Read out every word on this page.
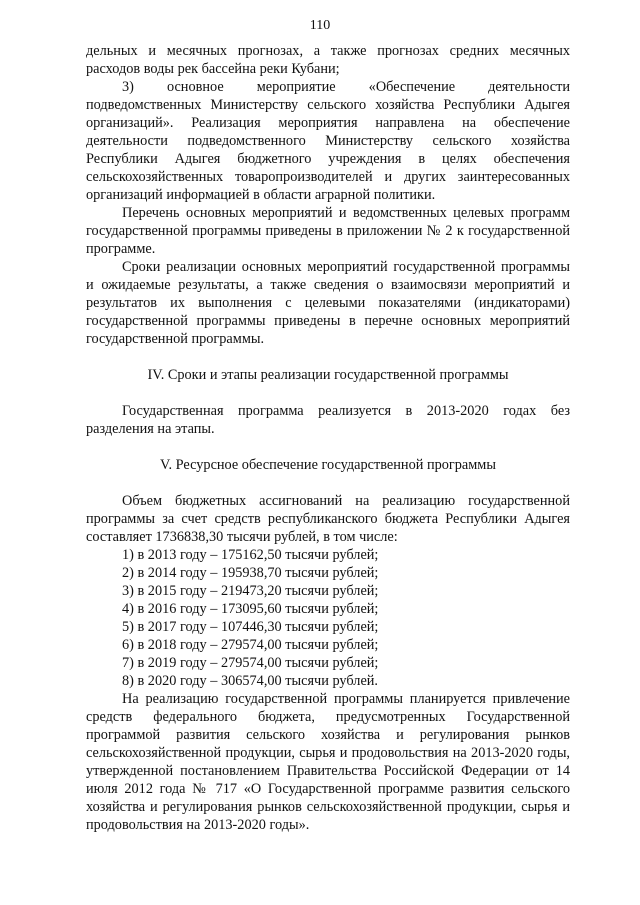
110

дельных и месячных прогнозах, а также прогнозах средних месячных расходов воды рек бассейна реки Кубани;

3) основное мероприятие «Обеспечение деятельности подведомственных Министерству сельского хозяйства Республики Адыгея организаций». Реализация мероприятия направлена на обеспечение деятельности подведомственного Министерству сельского хозяйства Республики Адыгея бюджетного учреждения в целях обеспечения сельскохозяйственных товаропроизводителей и других заинтересованных организаций информацией в области аграрной политики.

Перечень основных мероприятий и ведомственных целевых программ государственной программы приведены в приложении № 2 к государственной программе.

Сроки реализации основных мероприятий государственной программы и ожидаемые результаты, а также сведения о взаимосвязи мероприятий и результатов их выполнения с целевыми показателями (индикаторами) государственной программы приведены в перечне основных мероприятий государственной программы.

IV. Сроки и этапы реализации государственной программы

Государственная программа реализуется в 2013-2020 годах без разделения на этапы.

V. Ресурсное обеспечение государственной программы

Объем бюджетных ассигнований на реализацию государственной программы за счет средств республиканского бюджета Республики Адыгея составляет 1736838,30 тысячи рублей, в том числе:

1) в 2013 году – 175162,50 тысячи рублей;

2) в 2014 году – 195938,70 тысячи рублей;

3) в 2015 году – 219473,20 тысячи рублей;

4) в 2016 году – 173095,60 тысячи рублей;

5) в 2017 году – 107446,30 тысячи рублей;

6) в 2018 году – 279574,00 тысячи рублей;

7) в 2019 году – 279574,00 тысячи рублей;

8) в 2020 году – 306574,00 тысячи рублей.

На реализацию государственной программы планируется привлечение средств федерального бюджета, предусмотренных Государственной программой развития сельского хозяйства и регулирования рынков сельскохозяйственной продукции, сырья и продовольствия на 2013-2020 годы, утвержденной постановлением Правительства Российской Федерации от 14 июля 2012 года № 717 «О Государственной программе развития сельского хозяйства и регулирования рынков сельскохозяйственной продукции, сырья и продовольствия на 2013-2020 годы».
